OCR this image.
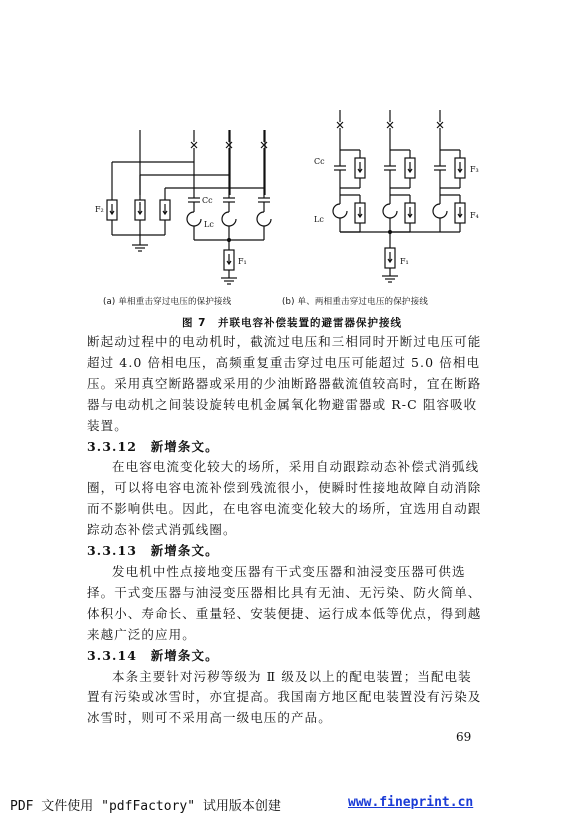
F₂
Cc
Lc
F₁
Cc
Lc
F₃
F₄
F₁
(a) 单相重击穿过电压的保护接线	(b) 单、两相重击穿过电压的保护接线
图 7　并联电容补偿装置的避雷器保护接线

断起动过程中的电动机时，截流过电压和三相同时开断过电压可能超过 4.0 倍相电压，高频重复重击穿过电压可能超过 5.0 倍相电压。采用真空断路器或采用的少油断路器截流值较高时，宜在断路器与电动机之间装设旋转电机金属氧化物避雷器或 R-C 阻容吸收装置。

3.3.12　 新增条文。

在电容电流变化较大的场所，采用自动跟踪动态补偿式消弧线圈，可以将电容电流补偿到残流很小，使瞬时性接地故障自动消除而不影响供电。因此，在电容电流变化较大的场所，宜选用自动跟踪动态补偿式消弧线圈。

3.3.13　 新增条文。

发电机中性点接地变压器有干式变压器和油浸变压器可供选择。干式变压器与油浸变压器相比具有无油、无污染、防火简单、体积小、寿命长、重量轻、安装便捷、运行成本低等优点，得到越来越广泛的应用。

3.3.14　 新增条文。

本条主要针对污秽等级为 Ⅱ 级及以上的配电装置；当配电装置有污染或冰雪时，亦宜提高。我国南方地区配电装置没有污染及冰雪时，则可不采用高一级电压的产品。

69
PDF 文件使用 "pdfFactory" 试用版本创建	www.fineprint.cn
